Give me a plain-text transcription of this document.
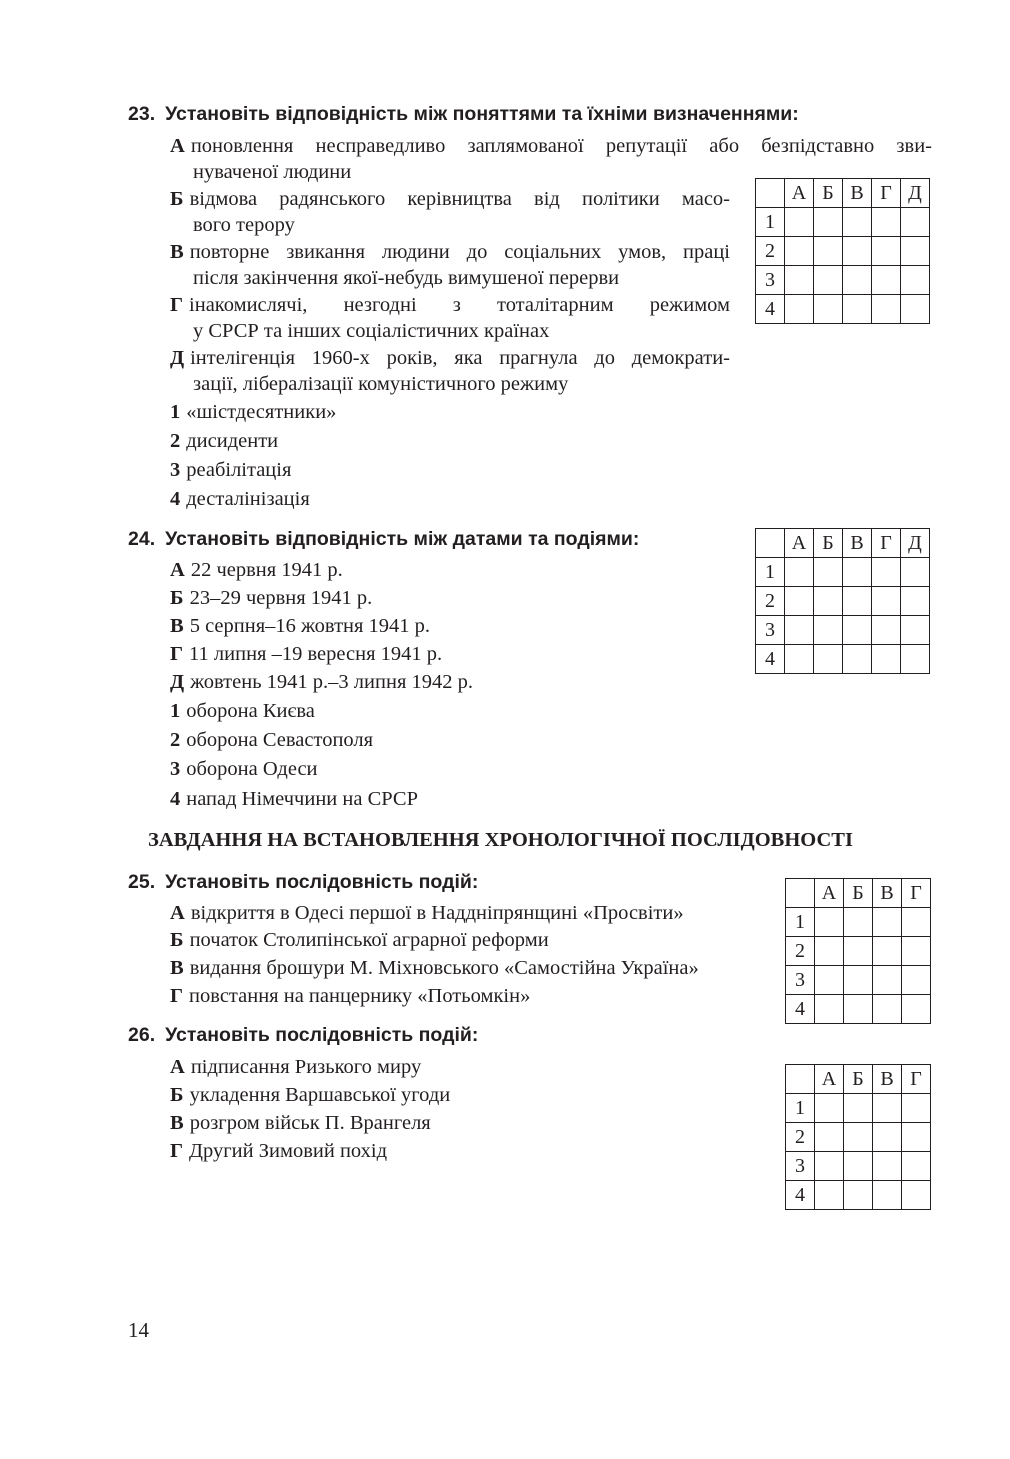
23. Установіть відповідність між поняттями та їхніми визначеннями:
А поновлення несправедливо заплямованої репутації або безпідставно зви-
нуваченої людини
Б відмова радянського керівництва від політики масо-
вого терору
В повторне звикання людини до соціальних умов, праці
після закінчення якої-небудь вимушеної перерви
Г інакомислячі, незгодні з тоталітарним режимом
у СРСР та інших соціалістичних країнах
Д інтелігенція 1960-х років, яка прагнула до демократи-
зації, лібералізації комуністичного режиму
1 «шістдесятники»
2 дисиденти
3 реабілітація
4 десталінізація
	А	Б	В	Г	Д
1					
2					
3					
4					
24. Установіть відповідність між датами та подіями:
А 22 червня 1941 р.
Б 23–29 червня 1941 р.
В 5 серпня–16 жовтня 1941 р.
Г 11 липня –19 вересня 1941 р.
Д жовтень 1941 р.–3 липня 1942 р.
1 оборона Києва
2 оборона Севастополя
3 оборона Одеси
4 напад Німеччини на СРСР
	А	Б	В	Г	Д
1					
2					
3					
4					
ЗАВДАННЯ НА ВСТАНОВЛЕННЯ ХРОНОЛОГІЧНОЇ ПОСЛІДОВНОСТІ
25. Установіть послідовність подій:
А відкриття в Одесі першої в Наддніпрянщині «Просвіти»
Б початок Столипінської аграрної реформи
В видання брошури М. Міхновського «Самостійна Україна»
Г повстання на панцернику «Потьомкін»
	А	Б	В	Г
1				
2				
3				
4				
26. Установіть послідовність подій:
А підписання Ризького миру
Б укладення Варшавської угоди
В розгром військ П. Врангеля
Г Другий Зимовий похід
	А	Б	В	Г
1				
2				
3				
4				
14
